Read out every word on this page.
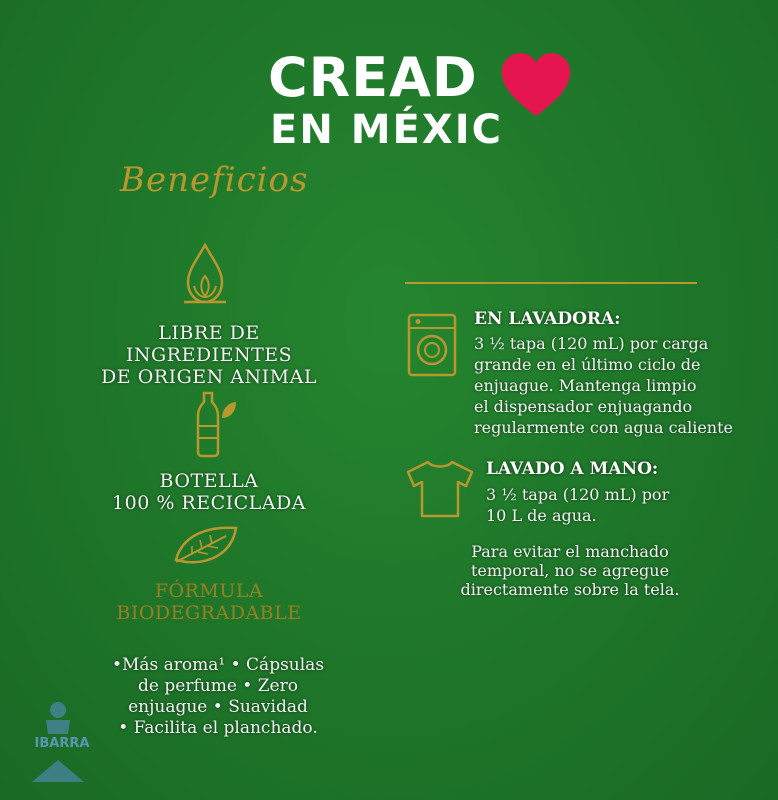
CREAD
EN MÉXIC
Beneficios
LIBRE DE
INGREDIENTES
DE ORIGEN ANIMAL
BOTELLA
100 % RECICLADA
FÓRMULA
BIODEGRADABLE
•Más aroma¹ • Cápsulas
de perfume • Zero
enjuague • Suavidad
• Facilita el planchado.
EN LAVADORA:
3 ½ tapa (120 mL) por carga
grande en el último ciclo de
enjuague. Mantenga limpio
el dispensador enjuagando
regularmente con agua caliente
LAVADO A MANO:
3 ½ tapa (120 mL) por
10 L de agua.
Para evitar el manchado
temporal, no se agregue
directamente sobre la tela.
IBARRA
